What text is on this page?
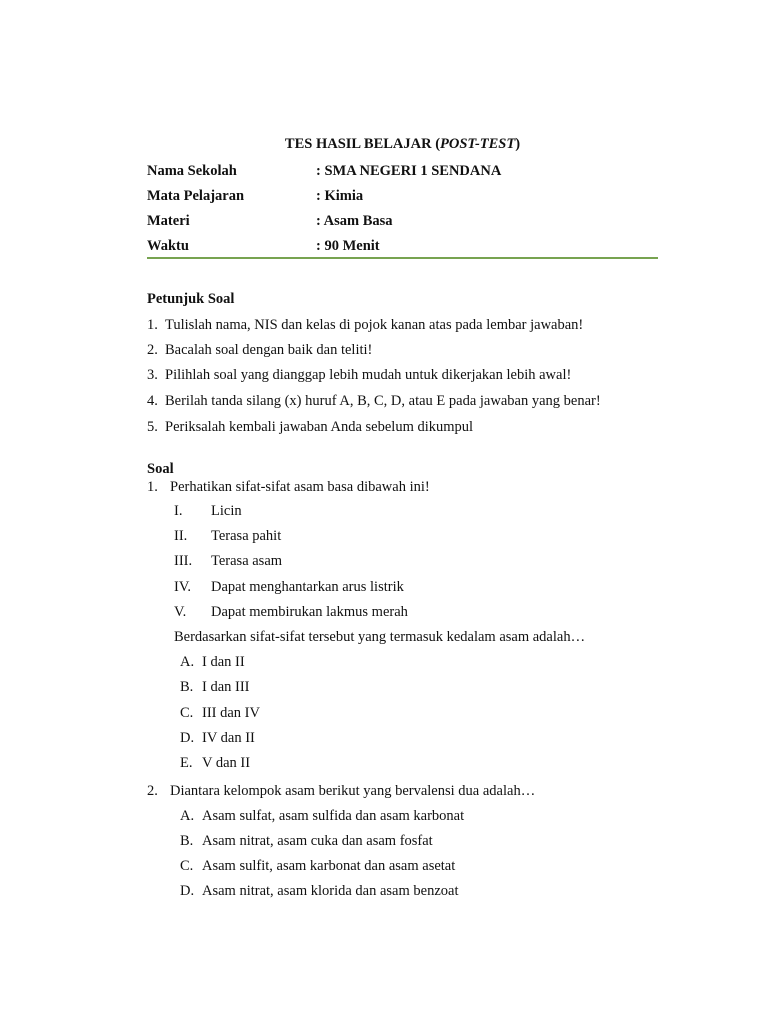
TES HASIL BELAJAR (POST-TEST)
Nama Sekolah	: SMA NEGERI 1 SENDANA
Mata Pelajaran	: Kimia
Materi	: Asam Basa
Waktu	: 90 Menit
Petunjuk Soal
1. Tulislah nama, NIS dan kelas di pojok kanan atas pada lembar jawaban!
2. Bacalah soal dengan baik dan teliti!
3. Pilihlah soal yang dianggap lebih mudah untuk dikerjakan lebih awal!
4. Berilah tanda silang (x) huruf A, B, C, D, atau E pada jawaban yang benar!
5. Periksalah kembali jawaban Anda sebelum dikumpul
Soal
1. Perhatikan sifat-sifat asam basa dibawah ini!
I. Licin
II. Terasa pahit
III. Terasa asam
IV. Dapat menghantarkan arus listrik
V. Dapat membirukan lakmus merah
Berdasarkan sifat-sifat tersebut yang termasuk kedalam asam adalah…
A. I dan II
B. I dan III
C. III dan IV
D. IV dan II
E. V dan II
2. Diantara kelompok asam berikut yang bervalensi dua adalah…
A. Asam sulfat, asam sulfida dan asam karbonat
B. Asam nitrat, asam cuka dan asam fosfat
C. Asam sulfit, asam karbonat dan asam asetat
D. Asam nitrat, asam klorida dan asam benzoat
